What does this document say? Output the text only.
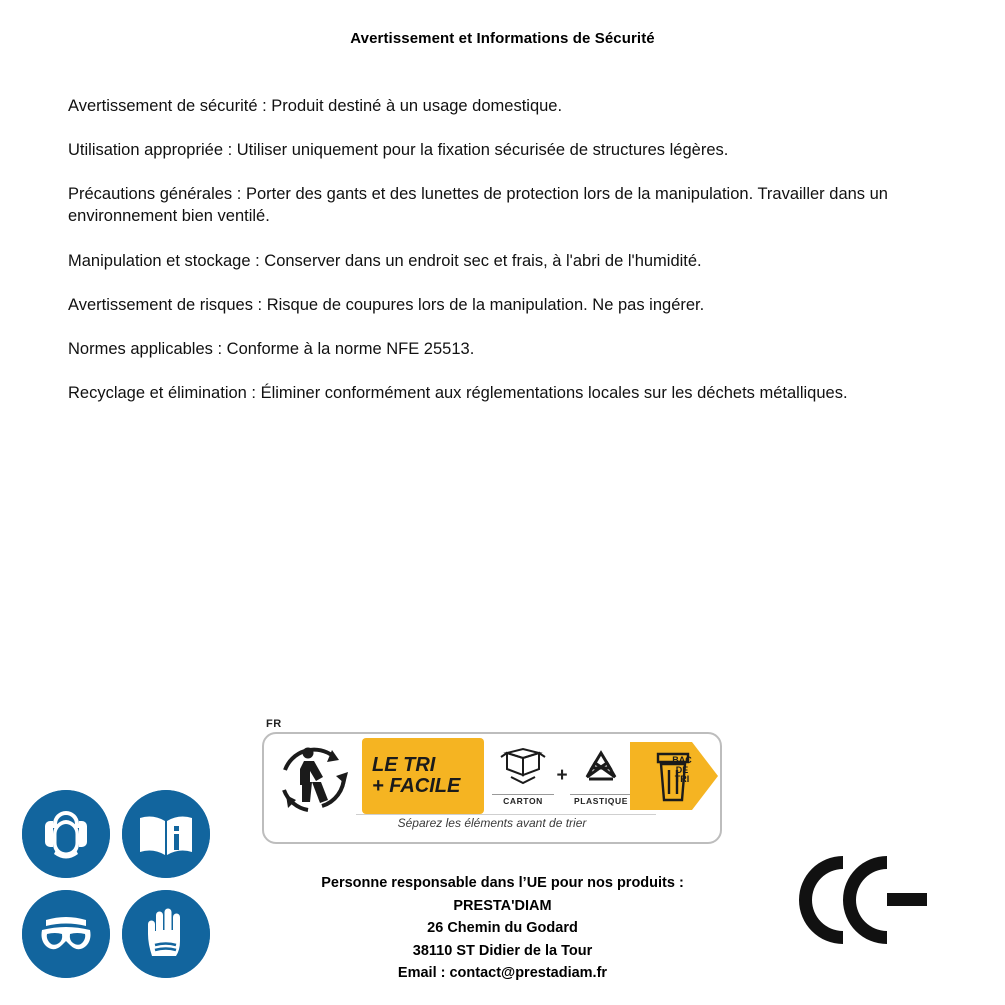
Avertissement et Informations de Sécurité

Avertissement de sécurité : Produit destiné à un usage domestique.

Utilisation appropriée : Utiliser uniquement pour la fixation sécurisée de structures légères.

Précautions générales : Porter des gants et des lunettes de protection lors de la manipulation. Travailler dans un environnement bien ventilé.

Manipulation et stockage : Conserver dans un endroit sec et frais, à l'abri de l'humidité.

Avertissement de risques : Risque de coupures lors de la manipulation. Ne pas ingérer.

Normes applicables : Conforme à la norme NFE 25513.

Recyclage et élimination : Éliminer conformément aux réglementations locales sur les déchets métalliques.

FR
LE TRI
+ FACILE
CARTON
+
PLASTIQUE
BAC
DE
TRI
Séparez les éléments avant de trier
Personne responsable dans l’UE pour nos produits :
PRESTA'DIAM
26 Chemin du Godard
38110 ST Didier de la Tour
Email : contact@prestadiam.fr
